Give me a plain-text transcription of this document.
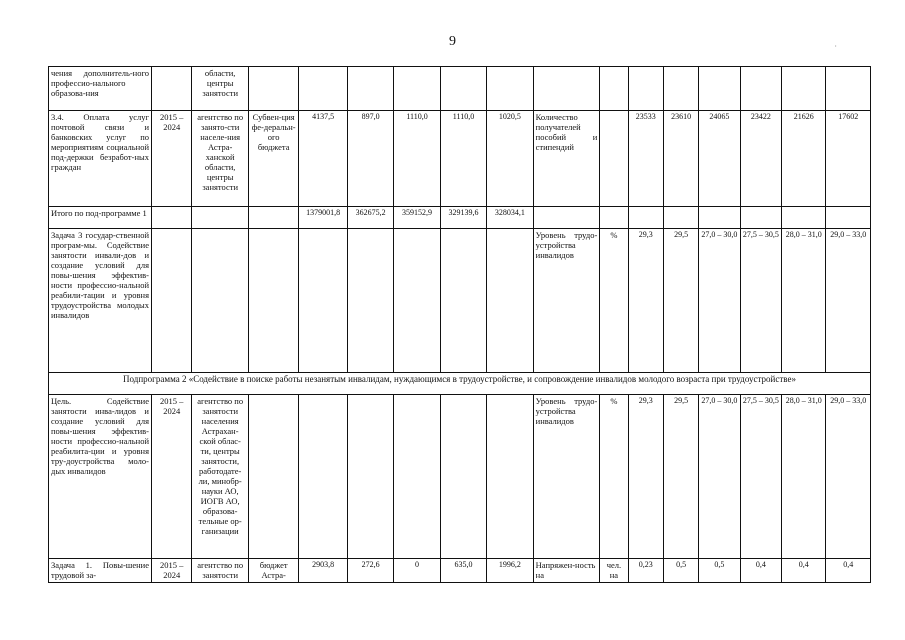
9	·
чения дополнитель-ного профессио-нального образова-ния		области, центры занятости														
3.4. Оплата услуг почтовой связи и банковских услуг по мероприятиям социальной под-держки безработ-ных граждан	2015 – 2024	агентство по занято-сти населе-ния Астра-ханской области, центры занятости	Субвен-ция фе-деральн-ого бюджета	4137,5	897,0	1110,0	1110,0	1020,5	Количество получателей пособий и стипендий		23533	23610	24065	23422	21626	17602
Итого по под-программе 1				1379001,8	362675,2	359152,9	329139,6	328034,1								
Задача 3 государ-ственной програм-мы. Содействие занятости инвали-дов и создание условий для повы-шения эффектив-ности профессио-нальной реабили-тации и уровня трудоустройства молодых инвалидов									Уровень трудо-устройства инвалидов	%	29,3	29,5	27,0 – 30,0	27,5 – 30,5	28,0 – 31,0	29,0 – 33,0
Подпрограмма 2 «Содействие в поиске работы незанятым инвалидам, нуждающимся в трудоустройстве, и сопровождение инвалидов молодого возраста при трудоустройстве»																
Цель. Содействие занятости инва-лидов и создание условий для повы-шения эффектив-ности профессио-нальной реабилита-ции и уровня тру-доустройства моло-дых инвалидов	2015 – 2024	агентство по занятости населения Астрахан-ской облас-ти, центры занятости, работодате-ли, минобр-науки АО, ИОГВ АО, образова-тельные ор-ганизации							Уровень трудо-устройства инвалидов	%	29,3	29,5	27,0 – 30,0	27,5 – 30,5	28,0 – 31,0	29,0 – 33,0
Задача 1. Повы-шение трудовой за-	2015 – 2024	агентство по занятости	бюджет Астра-	2903,8	272,6	0	635,0	1996,2	Напряжен-ность на	чел. на	0,23	0,5	0,5	0,4	0,4	0,4
